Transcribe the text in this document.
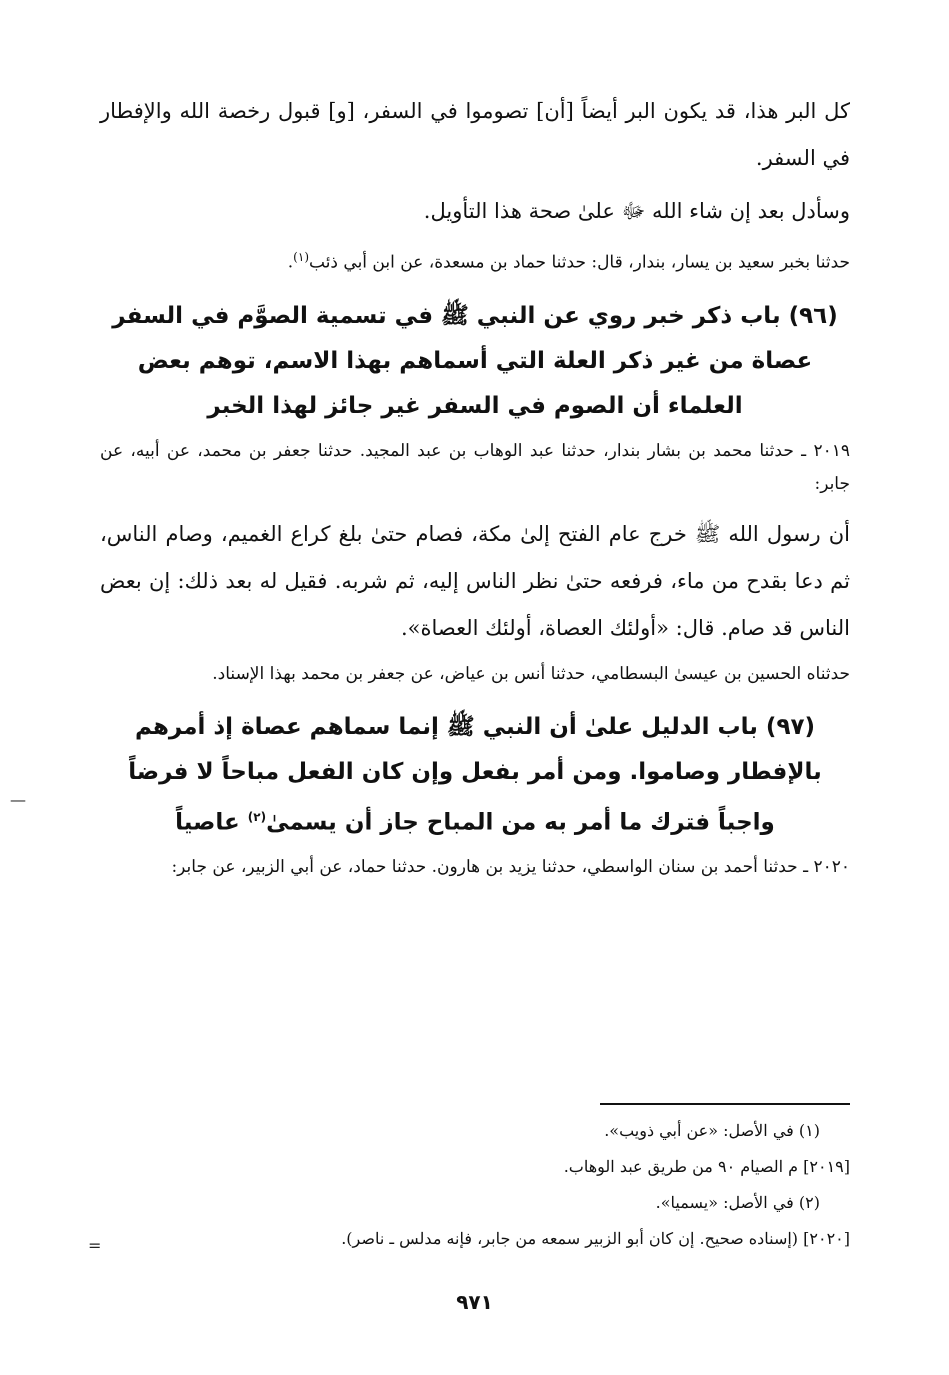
كل البر هذا، قد يكون البر أيضاً [أن] تصوموا في السفر، [و] قبول رخصة الله والإفطار في السفر.

وسأدل بعد إن شاء الله ﷻ علىٰ صحة هذا التأويل.

حدثنا بخبر سعيد بن يسار، بندار، قال: حدثنا حماد بن مسعدة، عن ابن أبي ذئب$^{(١)}$.

(٩٦) باب ذكر خبر روي عن النبي ﷺ في تسمية الصوَّم في السفر عصاة من غير ذكر العلة التي أسماهم بهذا الاسم، توهم بعض العلماء أن الصوم في السفر غير جائز لهذا الخبر

٢٠١٩ ـ حدثنا محمد بن بشار بندار، حدثنا عبد الوهاب بن عبد المجيد. حدثنا جعفر بن محمد، عن أبيه، عن جابر:

أن رسول الله ﷺ خرج عام الفتح إلىٰ مكة، فصام حتىٰ بلغ كراع الغميم، وصام الناس، ثم دعا بقدح من ماء، فرفعه حتىٰ نظر الناس إليه، ثم شربه. فقيل له بعد ذلك: إن بعض الناس قد صام. قال: «أولئك العصاة، أولئك العصاة».

حدثناه الحسين بن عيسىٰ البسطامي، حدثنا أنس بن عياض، عن جعفر بن محمد بهذا الإسناد.

(٩٧) باب الدليل علىٰ أن النبي ﷺ إنما سماهم عصاة إذ أمرهم بالإفطار وصاموا. ومن أمر بفعل وإن كان الفعل مباحاً لا فرضاً واجباً فترك ما أمر به من المباح جاز أن يسمىٰ$^{(٢)}$ عاصياً

٢٠٢٠ ـ حدثنا أحمد بن سنان الواسطي، حدثنا يزيد بن هارون. حدثنا حماد، عن أبي الزبير، عن جابر:

(١) في الأصل: «عن أبي ذويب».
[٢٠١٩] م الصيام ٩٠ من طريق عبد الوهاب.
(٢) في الأصل: «يسميا».
[٢٠٢٠] (إسناده صحيح. إن كان أبو الزبير سمعه من جابر، فإنه مدلس ـ ناصر).
—
=
٩٧١
